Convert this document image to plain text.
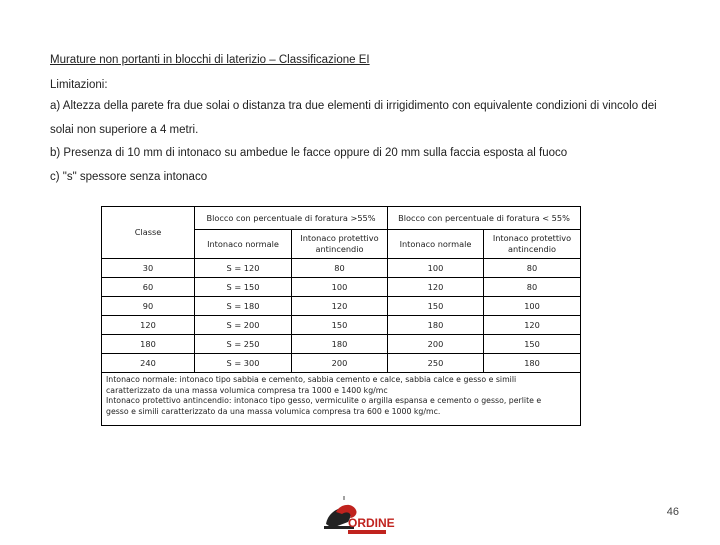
Murature non portanti in blocchi di laterizio – Classificazione EI
Limitazioni:
a) Altezza della parete fra due solai o distanza tra due elementi di irrigidimento con equivalente condizioni di vincolo dei
solai non superiore a 4 metri.
b) Presenza di 10 mm di intonaco su ambedue le facce oppure di 20 mm sulla faccia esposta al fuoco
c) "s" spessore senza intonaco
Classe	Blocco con percentuale di foratura >55%		Blocco con percentuale di foratura < 55%	
	Intonaco normale	Intonaco protettivo antincendio	Intonaco normale	Intonaco protettivo antincendio
30	S = 120	80	100	80
60	S = 150	100	120	80
90	S = 180	120	150	100
120	S = 200	150	180	120
180	S = 250	180	200	150
240	S = 300	200	250	180

Intonaco normale: intonaco tipo sabbia e cemento, sabbia cemento e calce, sabbia calce e gesso e simili
caratterizzato da una massa volumica compresa tra 1000 e 1400 kg/mc
Intonaco protettivo antincendio: intonaco tipo gesso, vermiculite o argilla espansa e cemento o gesso, perlite e
gesso e simili caratterizzato da una massa volumica compresa tra 600 e 1000 kg/mc.				
ORDINE
46
